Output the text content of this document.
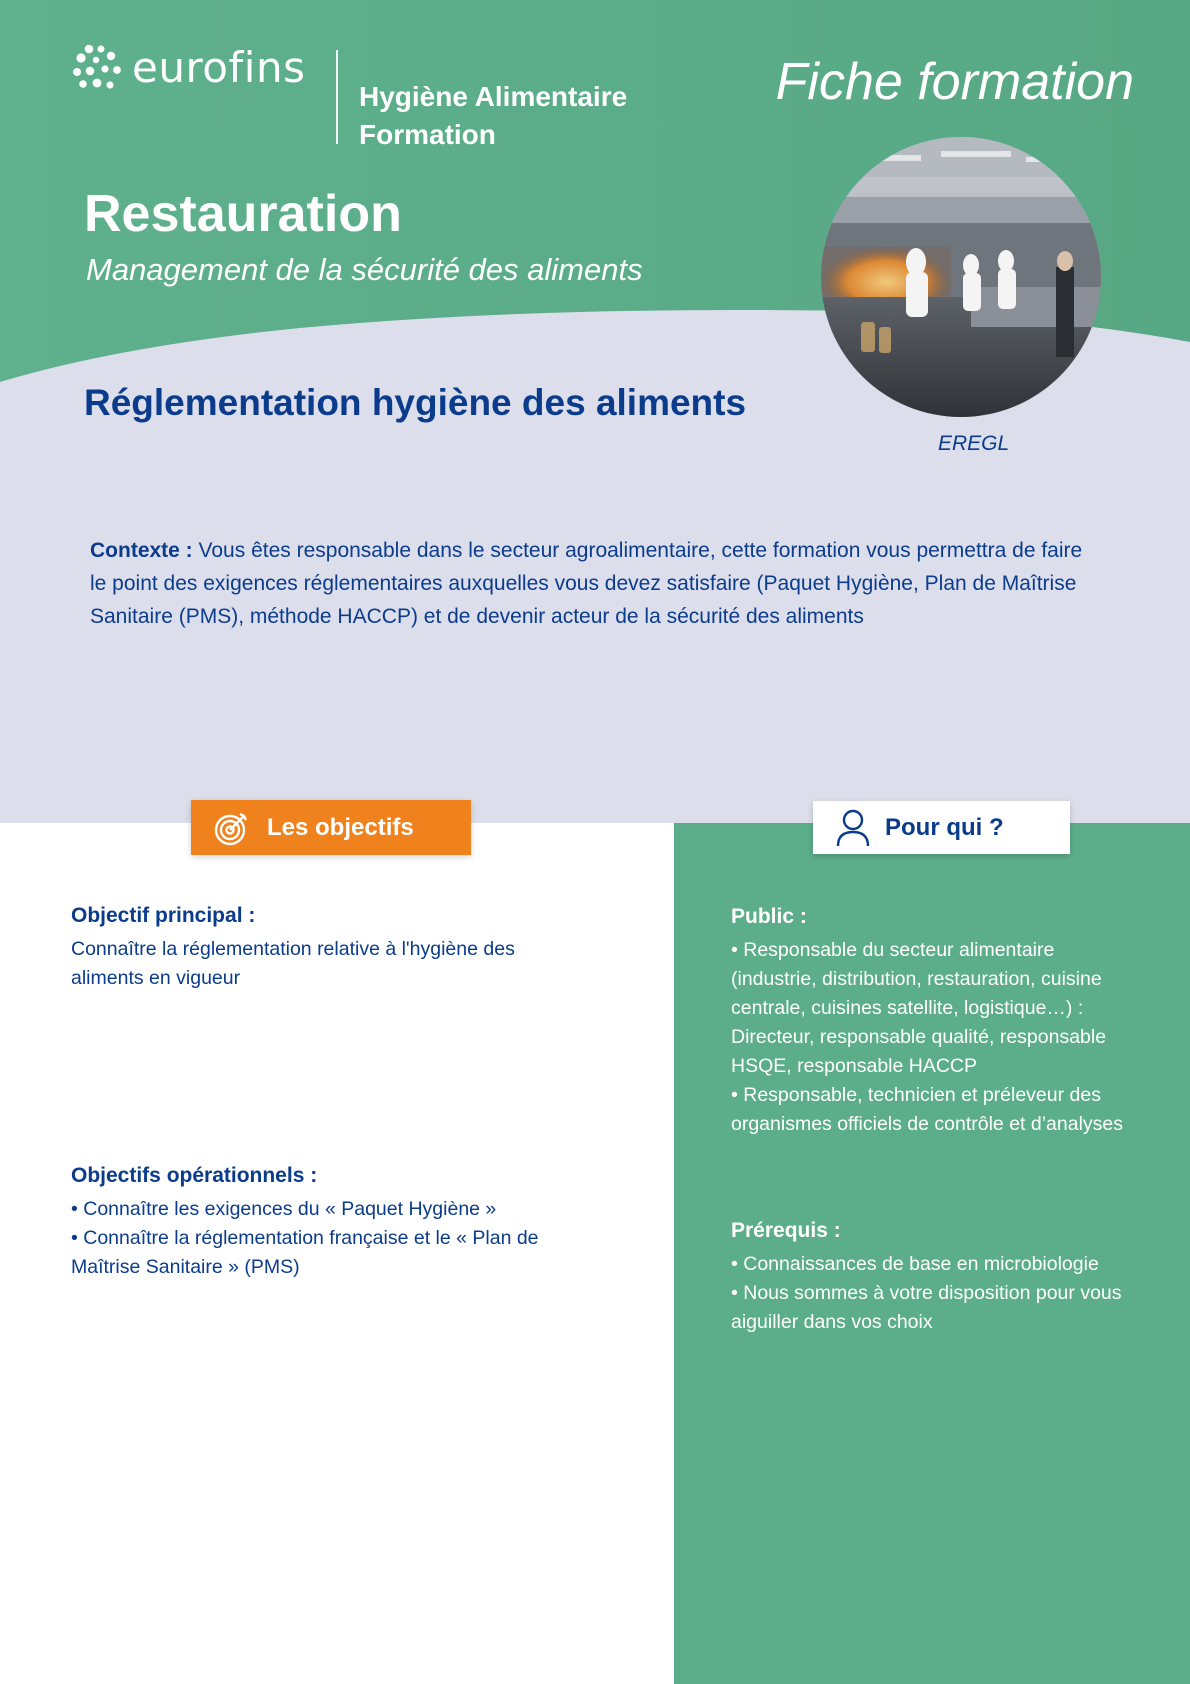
eurofins
Hygiène Alimentaire
Formation
Fiche formation
Restauration
Management de la sécurité des aliments
Réglementation hygiène des aliments
EREGL
Contexte : Vous êtes responsable dans le secteur agroalimentaire, cette formation vous permettra de faire le point des exigences réglementaires auxquelles vous devez satisfaire (Paquet Hygiène, Plan de Maîtrise Sanitaire (PMS), méthode HACCP) et de devenir acteur de la sécurité des aliments
Les objectifs	Pour qui ?
Objectif principal :

Connaître la réglementation relative à l'hygiène des aliments en vigueur

Objectifs opérationnels :

• Connaître les exigences du « Paquet Hygiène »

• Connaître la réglementation française et le « Plan de Maîtrise Sanitaire » (PMS)

Public :

• Responsable du secteur alimentaire (industrie, distribution, restauration, cuisine centrale, cuisines satellite, logistique…) : Directeur, responsable qualité, responsable HSQE, responsable HACCP

• Responsable, technicien et préleveur des organismes officiels de contrôle et d’analyses

Prérequis :

• Connaissances de base en microbiologie

• Nous sommes à votre disposition pour vous aiguiller dans vos choix
